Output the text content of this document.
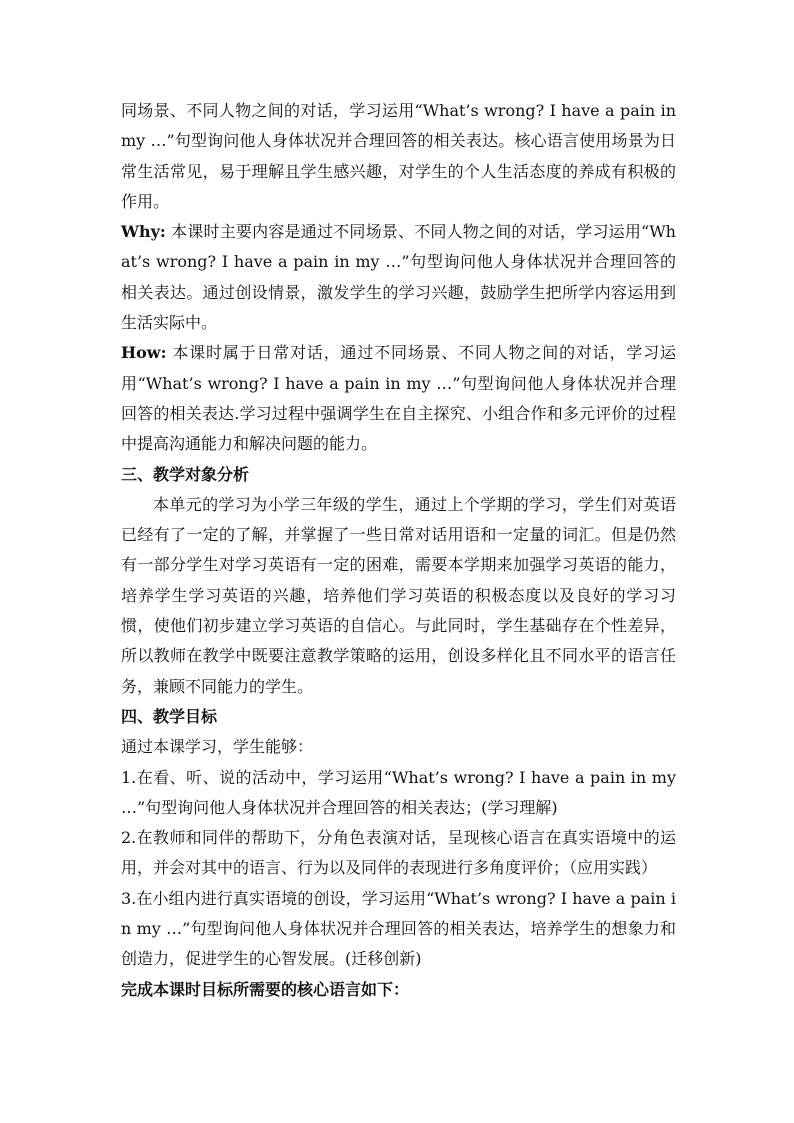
同场景、不同人物之间的对话，学习运用“What’s wrong? I have a pain in my …”句型询问他人身体状况并合理回答的相关表达。核心语言使用场景为日常生活常见，易于理解且学生感兴趣，对学生的个人生活态度的养成有积极的作用。

Why: 本课时主要内容是通过不同场景、不同人物之间的对话，学习运用“What’s wrong? I have a pain in my …”句型询问他人身体状况并合理回答的相关表达。通过创设情景，激发学生的学习兴趣，鼓励学生把所学内容运用到生活实际中。

How: 本课时属于日常对话，通过不同场景、不同人物之间的对话，学习运用“What’s wrong? I have a pain in my …”句型询问他人身体状况并合理回答的相关表达.学习过程中强调学生在自主探究、小组合作和多元评价的过程中提高沟通能力和解决问题的能力。

三、教学对象分析

本单元的学习为小学三年级的学生，通过上个学期的学习，学生们对英语已经有了一定的了解，并掌握了一些日常对话用语和一定量的词汇。但是仍然有一部分学生对学习英语有一定的困难，需要本学期来加强学习英语的能力，培养学生学习英语的兴趣，培养他们学习英语的积极态度以及良好的学习习惯，使他们初步建立学习英语的自信心。与此同时，学生基础存在个性差异，所以教师在教学中既要注意教学策略的运用，创设多样化且不同水平的语言任务，兼顾不同能力的学生。

四、教学目标

通过本课学习，学生能够：

1.在看、听、说的活动中，学习运用“What’s wrong? I have a pain in my …”句型询问他人身体状况并合理回答的相关表达；(学习理解)

2.在教师和同伴的帮助下，分角色表演对话，呈现核心语言在真实语境中的运用，并会对其中的语言、行为以及同伴的表现进行多角度评价；（应用实践）

3.在小组内进行真实语境的创设，学习运用“What’s wrong? I have a pain in my …”句型询问他人身体状况并合理回答的相关表达，培养学生的想象力和创造力，促进学生的心智发展。(迁移创新)

完成本课时目标所需要的核心语言如下：
